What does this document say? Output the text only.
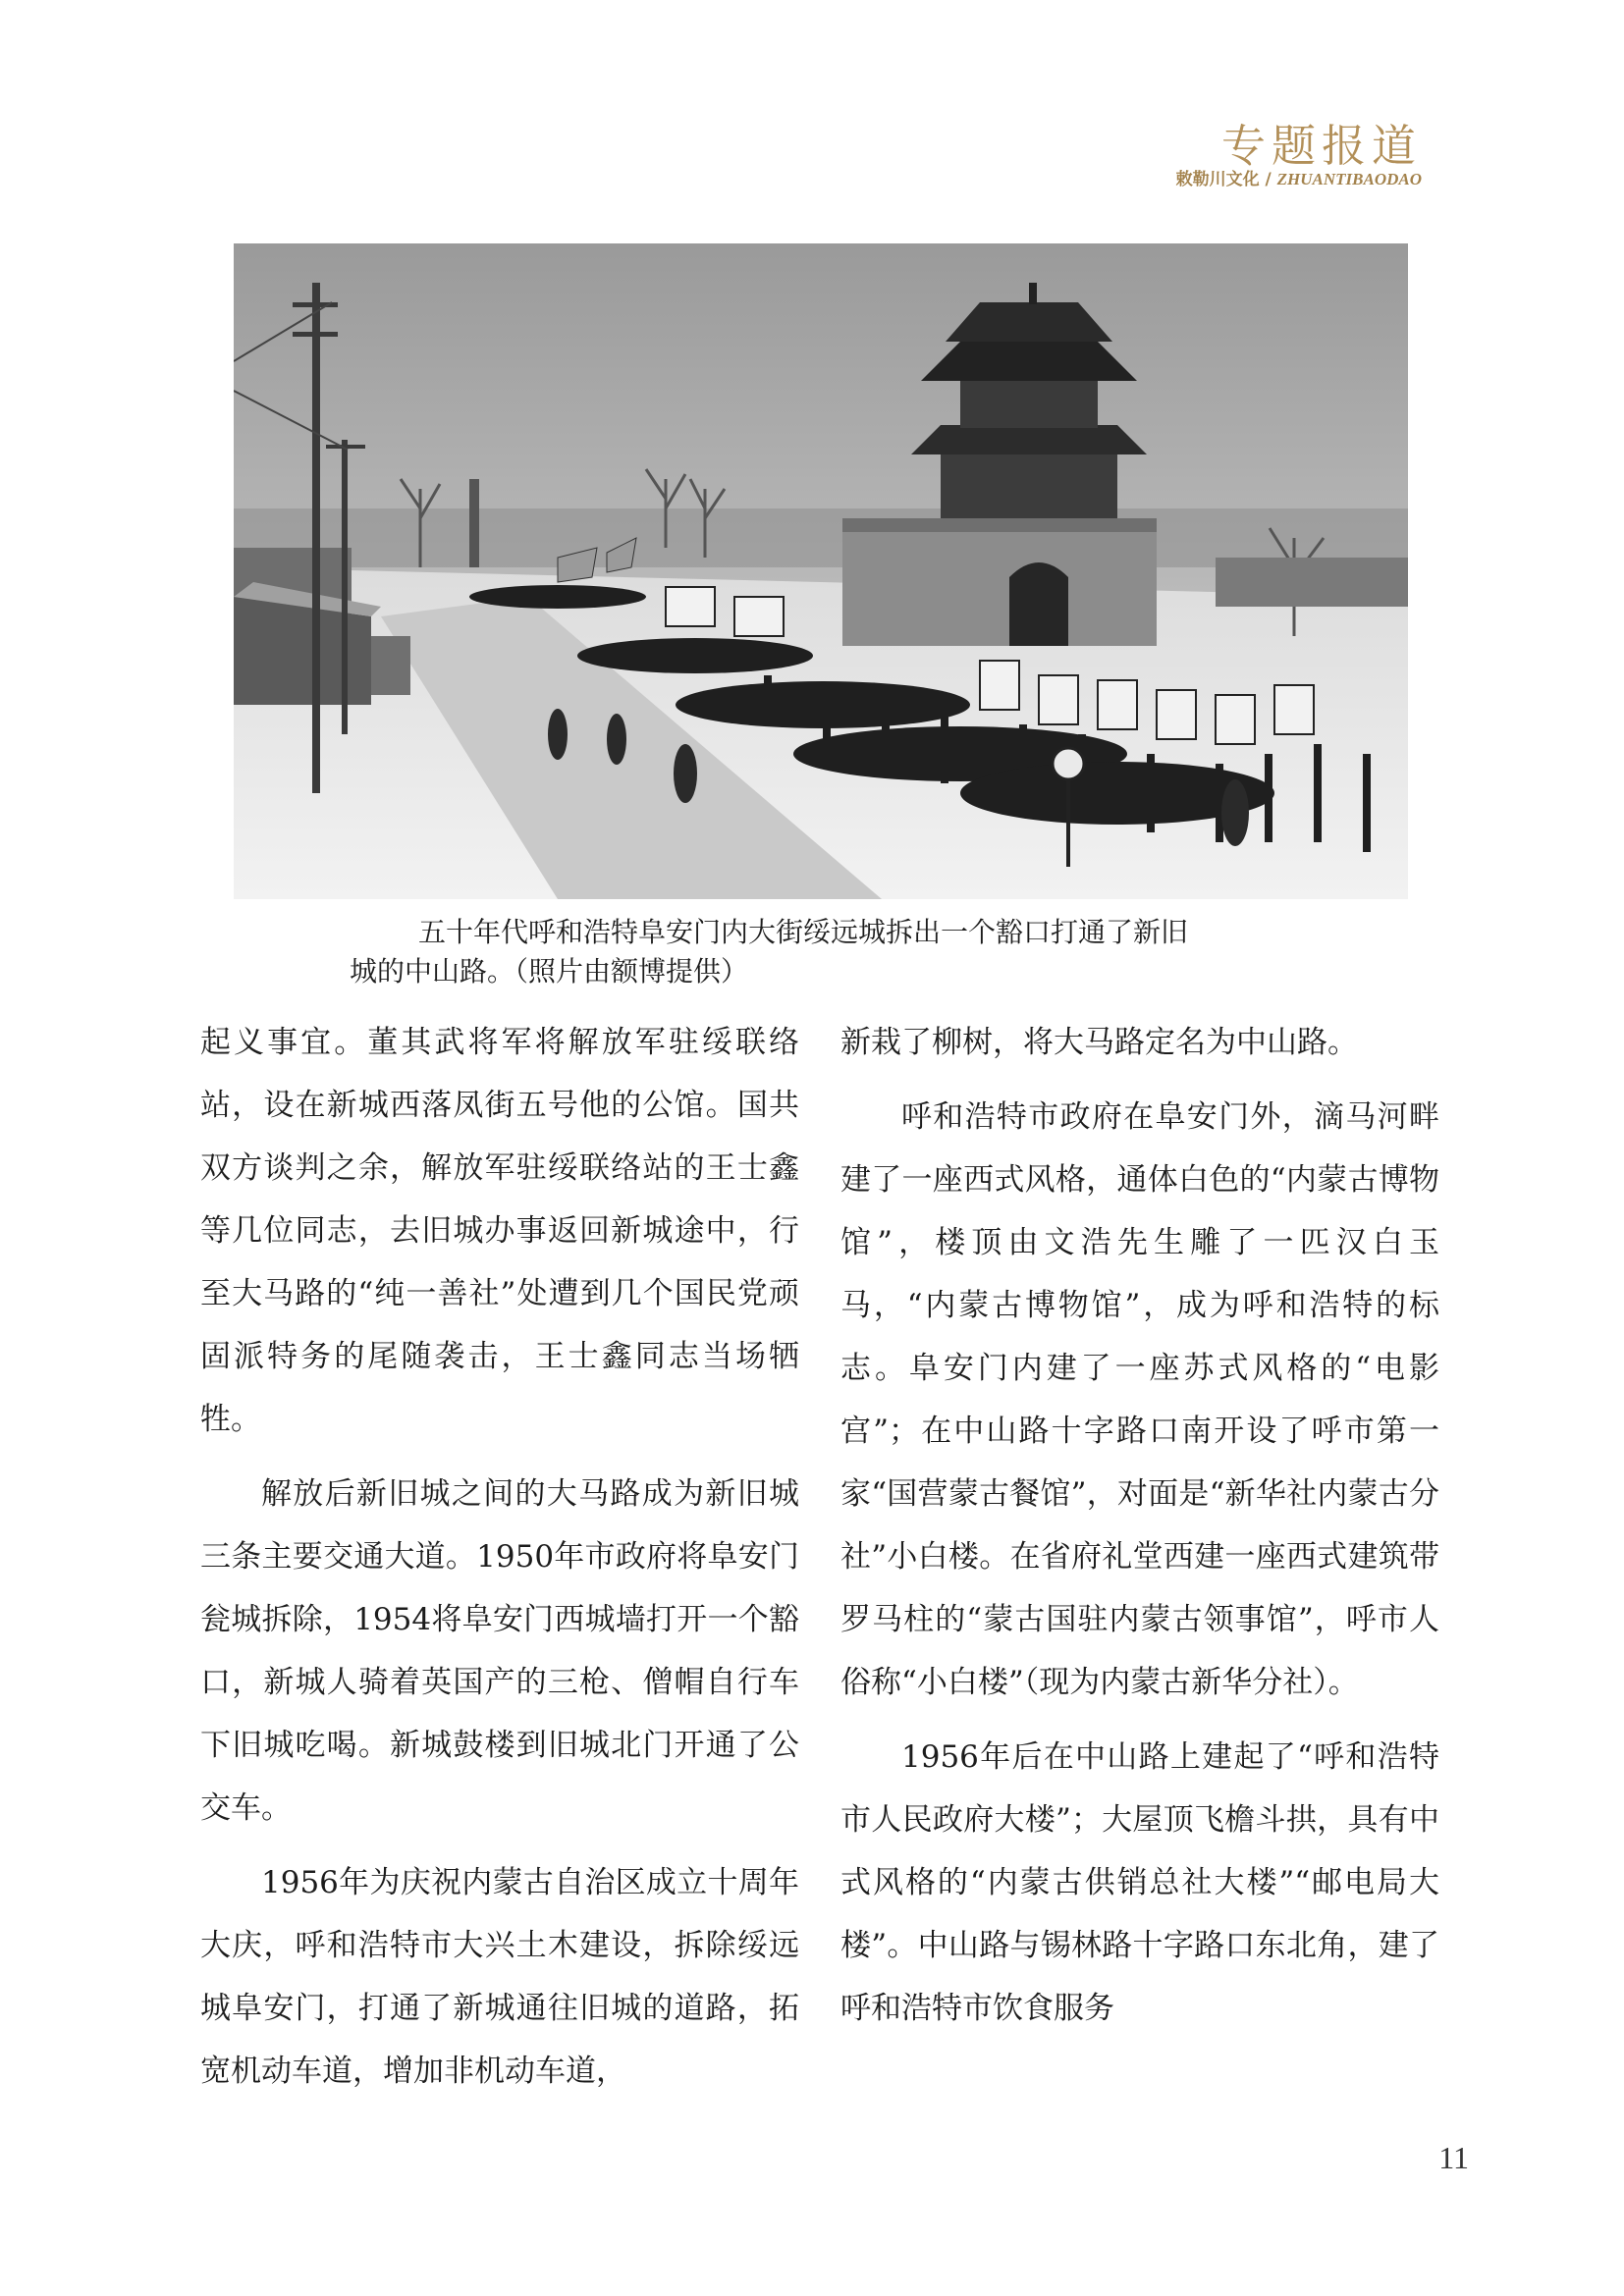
专题报道
敕勒川文化 / ZHUANTIBAODAO
五十年代呼和浩特阜安门内大街绥远城拆出一个豁口打通了新旧
城的中山路。（照片由额博提供）

起义事宜。董其武将军将解放军驻绥联络站，设在新城西落凤街五号他的公馆。国共双方谈判之余，解放军驻绥联络站的王士鑫等几位同志，去旧城办事返回新城途中，行至大马路的“纯一善社”处遭到几个国民党顽固派特务的尾随袭击，王士鑫同志当场牺牲。

解放后新旧城之间的大马路成为新旧城三条主要交通大道。1950年市政府将阜安门瓮城拆除，1954将阜安门西城墙打开一个豁口，新城人骑着英国产的三枪、僧帽自行车下旧城吃喝。新城鼓楼到旧城北门开通了公交车。

1956年为庆祝内蒙古自治区成立十周年大庆，呼和浩特市大兴土木建设，拆除绥远城阜安门，打通了新城通往旧城的道路，拓宽机动车道，增加非机动车道，

新栽了柳树，将大马路定名为中山路。

呼和浩特市政府在阜安门外，滴马河畔建了一座西式风格，通体白色的“内蒙古博物馆”，楼顶由文浩先生雕了一匹汉白玉马，“内蒙古博物馆”，成为呼和浩特的标志。阜安门内建了一座苏式风格的“电影宫”；在中山路十字路口南开设了呼市第一家“国营蒙古餐馆”，对面是“新华社内蒙古分社”小白楼。在省府礼堂西建一座西式建筑带罗马柱的“蒙古国驻内蒙古领事馆”，呼市人俗称“小白楼”（现为内蒙古新华分社）。

1956年后在中山路上建起了“呼和浩特市人民政府大楼”；大屋顶飞檐斗拱，具有中式风格的“内蒙古供销总社大楼”“邮电局大楼”。中山路与锡林路十字路口东北角，建了呼和浩特市饮食服务

11
